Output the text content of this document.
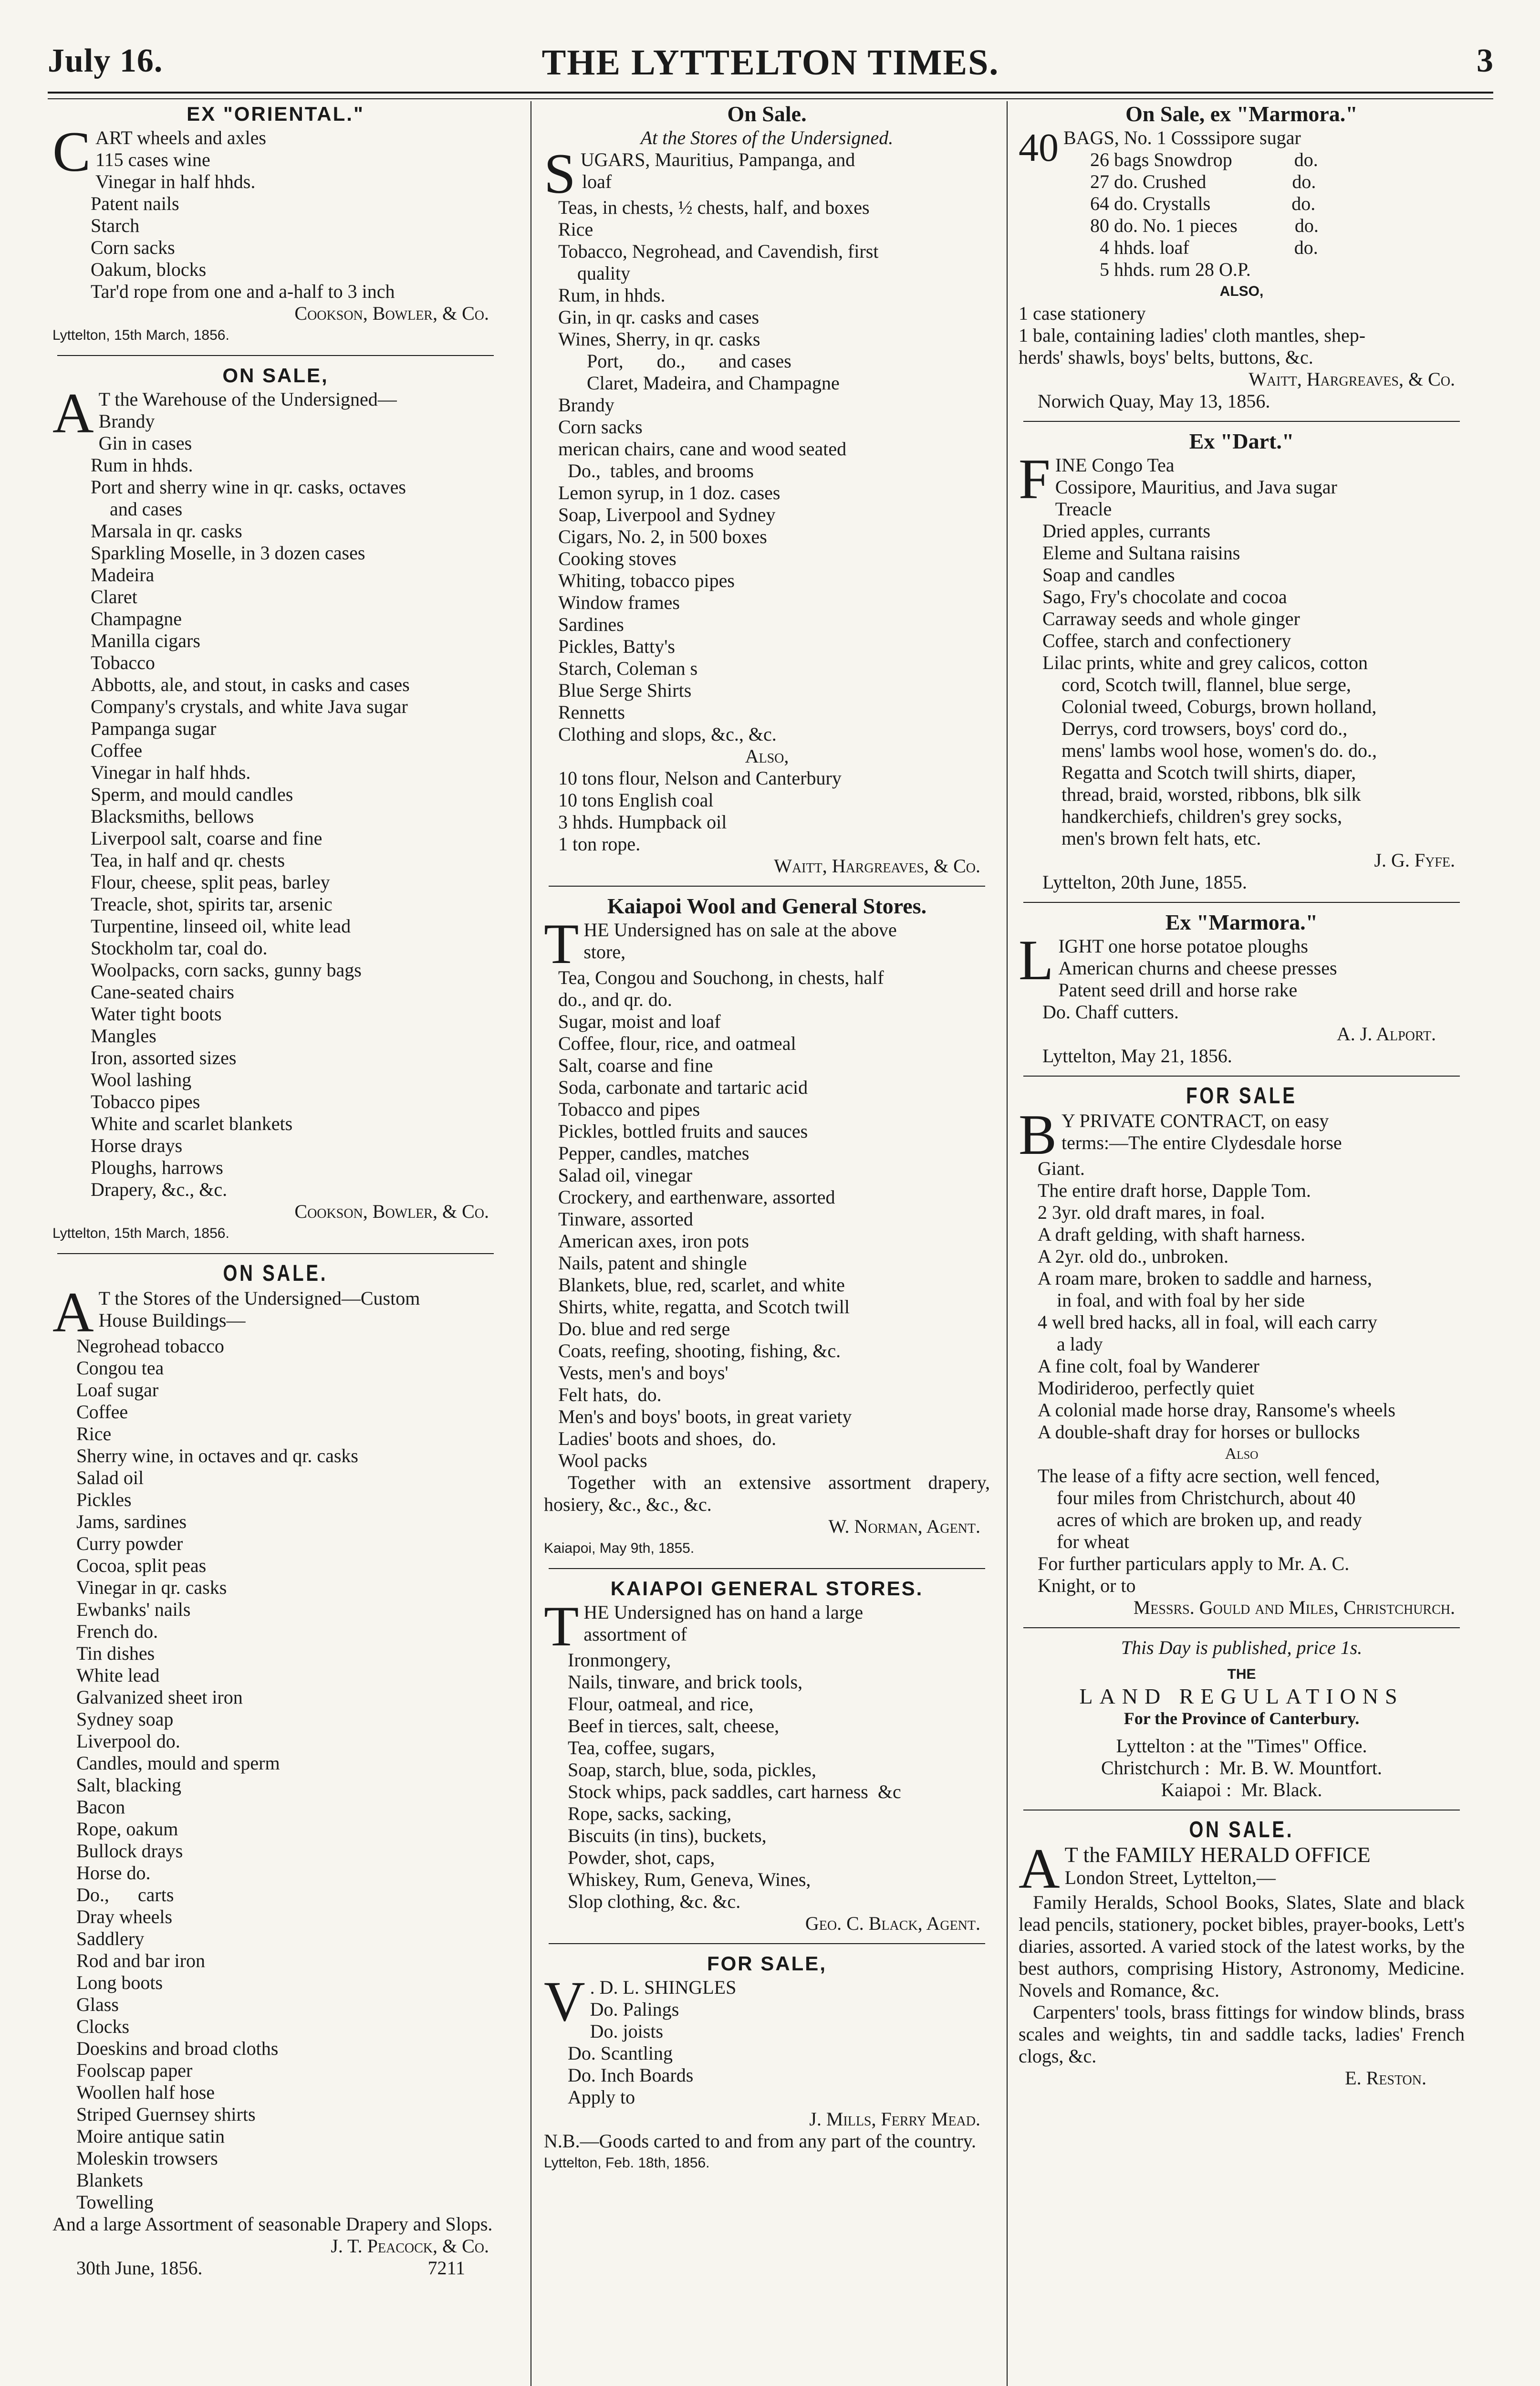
July 16.	THE LYTTELTON TIMES.	3
EX "ORIENTAL."
C ART wheels and axles
115 cases wine
Vinegar in half hhds.
Patent nails
Starch
Corn sacks
Oakum, blocks
Tar'd rope from one and a-half to 3 inch
Cookson, Bowler, & Co.
Lyttelton, 15th March, 1856.
ON SALE,
A T the Warehouse of the Undersigned—
Brandy
Gin in cases
Rum in hhds.
Port and sherry wine in qr. casks, octaves
and cases
Marsala in qr. casks
Sparkling Moselle, in 3 dozen cases
Madeira
Claret
Champagne
Manilla cigars
Tobacco
Abbotts, ale, and stout, in casks and cases
Company's crystals, and white Java sugar
Pampanga sugar
Coffee
Vinegar in half hhds.
Sperm, and mould candles
Blacksmiths, bellows
Liverpool salt, coarse and fine
Tea, in half and qr. chests
Flour, cheese, split peas, barley
Treacle, shot, spirits tar, arsenic
Turpentine, linseed oil, white lead
Stockholm tar, coal do.
Woolpacks, corn sacks, gunny bags
Cane-seated chairs
Water tight boots
Mangles
Iron, assorted sizes
Wool lashing
Tobacco pipes
White and scarlet blankets
Horse drays
Ploughs, harrows
Drapery, &c., &c.
Cookson, Bowler, & Co.
Lyttelton, 15th March, 1856.
ON SALE.
A T the Stores of the Undersigned—Custom
House Buildings—
Negrohead tobacco
Congou tea
Loaf sugar
Coffee
Rice
Sherry wine, in octaves and qr. casks
Salad oil
Pickles
Jams, sardines
Curry powder
Cocoa, split peas
Vinegar in qr. casks
Ewbanks' nails
French do.
Tin dishes
White lead
Galvanized sheet iron
Sydney soap
Liverpool do.
Candles, mould and sperm
Salt, blacking
Bacon
Rope, oakum
Bullock drays
Horse do.
Do.,      carts
Dray wheels
Saddlery
Rod and bar iron
Long boots
Glass
Clocks
Doeskins and broad cloths
Foolscap paper
Woollen half hose
Striped Guernsey shirts
Moire antique satin
Moleskin trowsers
Blankets
Towelling
And a large Assortment of seasonable Drapery and Slops.
J. T. Peacock, & Co.
30th June, 1856.	7211
On Sale.
At the Stores of the Undersigned.
SUGARS, Mauritius, Pampanga, and
loaf
Teas, in chests, ½ chests, half, and boxes
Rice
Tobacco, Negrohead, and Cavendish, first
quality
Rum, in hhds.
Gin, in qr. casks and cases
Wines, Sherry, in qr. casks
Port,       do.,       and cases
Claret, Madeira, and Champagne
Brandy
Corn sacks
merican chairs, cane and wood seated
Do.,  tables, and brooms
Lemon syrup, in 1 doz. cases
Soap, Liverpool and Sydney
Cigars, No. 2, in 500 boxes
Cooking stoves
Whiting, tobacco pipes
Window frames
Sardines
Pickles, Batty's
Starch, Coleman s
Blue Serge Shirts
Rennetts
Clothing and slops, &c., &c.
Also,
10 tons flour, Nelson and Canterbury
10 tons English coal
3 hhds. Humpback oil
1 ton rope.
Waitt, Hargreaves, & Co.
Kaiapoi Wool and General Stores.
THE Undersigned has on sale at the above
store,
Tea, Congou and Souchong, in chests, half
do., and qr. do.
Sugar, moist and loaf
Coffee, flour, rice, and oatmeal
Salt, coarse and fine
Soda, carbonate and tartaric acid
Tobacco and pipes
Pickles, bottled fruits and sauces
Pepper, candles, matches
Salad oil, vinegar
Crockery, and earthenware, assorted
Tinware, assorted
American axes, iron pots
Nails, patent and shingle
Blankets, blue, red, scarlet, and white
Shirts, white, regatta, and Scotch twill
Do. blue and red serge
Coats, reefing, shooting, fishing, &c.
Vests, men's and boys'
Felt hats,  do.
Men's and boys' boots, in great variety
Ladies' boots and shoes,  do.
Wool packs
Together with an extensive assortment drapery, hosiery, &c., &c., &c.
W. Norman, Agent.
Kaiapoi, May 9th, 1855.
KAIAPOI GENERAL STORES.
THE Undersigned has on hand a large
assortment of
Ironmongery,
Nails, tinware, and brick tools,
Flour, oatmeal, and rice,
Beef in tierces, salt, cheese,
Tea, coffee, sugars,
Soap, starch, blue, soda, pickles,
Stock whips, pack saddles, cart harness  &c
Rope, sacks, sacking,
Biscuits (in tins), buckets,
Powder, shot, caps,
Whiskey, Rum, Geneva, Wines,
Slop clothing, &c. &c.
Geo. C. Black, Agent.
FOR SALE,
V . D. L. SHINGLES
Do. Palings
Do. joists
Do. Scantling
Do. Inch Boards
Apply to
J. Mills, Ferry Mead.
N.B.—Goods carted to and from any part of the country.
Lyttelton, Feb. 18th, 1856.
On Sale, ex "Marmora."
40 BAGS, No. 1 Cosssipore sugar
26 bags Snowdrop             do.
27 do. Crushed                  do.
64 do. Crystalls                 do.
80 do. No. 1 pieces            do.
4 hhds. loaf                      do.
5 hhds. rum 28 O.P.
ALSO,
1 case stationery
1 bale, containing ladies' cloth mantles, shep-
herds' shawls, boys' belts, buttons, &c.
Waitt, Hargreaves, & Co.
Norwich Quay, May 13, 1856.
Ex "Dart."
FINE Congo Tea
Cossipore, Mauritius, and Java sugar
Treacle
Dried apples, currants
Eleme and Sultana raisins
Soap and candles
Sago, Fry's chocolate and cocoa
Carraway seeds and whole ginger
Coffee, starch and confectionery
Lilac prints, white and grey calicos, cotton
cord, Scotch twill, flannel, blue serge,
Colonial tweed, Coburgs, brown holland,
Derrys, cord trowsers, boys' cord do.,
mens' lambs wool hose, women's do. do.,
Regatta and Scotch twill shirts, diaper,
thread, braid, worsted, ribbons, blk silk
handkerchiefs, children's grey socks,
men's brown felt hats, etc.
J. G. Fyfe.
Lyttelton, 20th June, 1855.
Ex "Marmora."
LIGHT one horse potatoe ploughs
American churns and cheese presses
Patent seed drill and horse rake
Do. Chaff cutters.
A. J. Alport.
Lyttelton, May 21, 1856.
FOR SALE
B Y PRIVATE CONTRACT, on easy
terms:—The entire Clydesdale horse
Giant.
The entire draft horse, Dapple Tom.
2 3yr. old draft mares, in foal.
A draft gelding, with shaft harness.
A 2yr. old do., unbroken.
A roam mare, broken to saddle and harness,
in foal, and with foal by her side
4 well bred hacks, all in foal, will each carry
a lady
A fine colt, foal by Wanderer
Modirideroo, perfectly quiet
A colonial made horse dray, Ransome's wheels
A double-shaft dray for horses or bullocks
Also
The lease of a fifty acre section, well fenced,
four miles from Christchurch, about 40
acres of which are broken up, and ready
for wheat
For further particulars apply to Mr. A. C.
Knight, or to
Messrs. Gould and Miles, Christchurch.
This Day is published, price 1s.
THE
LAND REGULATIONS
For the Province of Canterbury.
Lyttelton : at the "Times" Office.
Christchurch :  Mr. B. W. Mountfort.
Kaiapoi :  Mr. Black.
ON SALE.
A T the FAMILY HERALD OFFICE
London Street, Lyttelton,—
Family Heralds, School Books, Slates, Slate and black lead pencils, stationery, pocket bibles, prayer-books, Lett's diaries, assorted. A varied stock of the latest works, by the best authors, comprising History, Astronomy, Medicine. Novels and Romance, &c.
Carpenters' tools, brass fittings for window blinds, brass scales and weights, tin and saddle tacks, ladies' French clogs, &c.
E. Reston.
